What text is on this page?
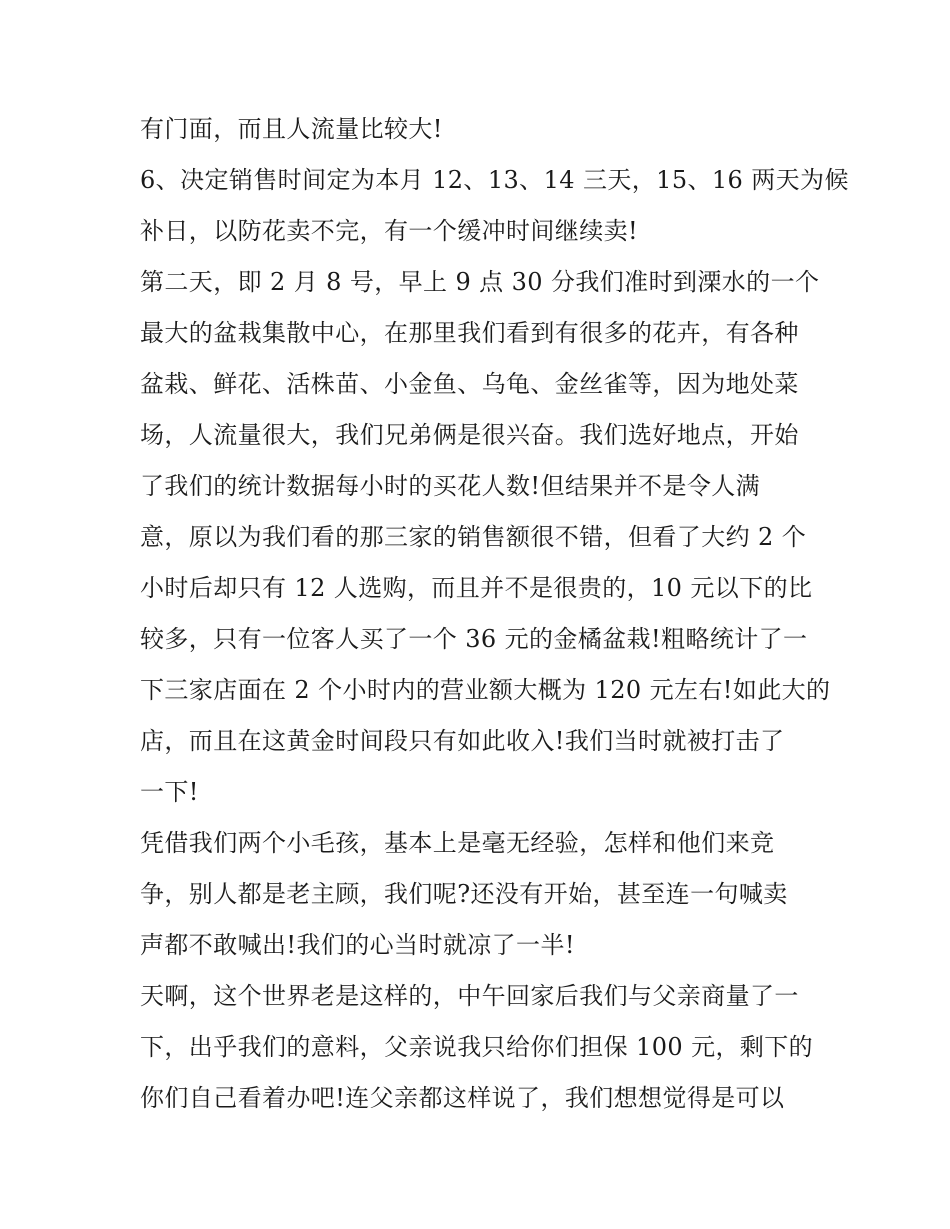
有门面，而且人流量比较大!
6、决定销售时间定为本月 12、13、14 三天，15、16 两天为候
补日，以防花卖不完，有一个缓冲时间继续卖!
第二天，即 2 月 8 号，早上 9 点 30 分我们准时到溧水的一个
最大的盆栽集散中心，在那里我们看到有很多的花卉，有各种
盆栽、鲜花、活株苗、小金鱼、乌龟、金丝雀等，因为地处菜
场，人流量很大，我们兄弟俩是很兴奋。我们选好地点，开始
了我们的统计数据每小时的买花人数!但结果并不是令人满
意，原以为我们看的那三家的销售额很不错，但看了大约 2 个
小时后却只有 12 人选购，而且并不是很贵的，10 元以下的比
较多，只有一位客人买了一个 36 元的金橘盆栽!粗略统计了一
下三家店面在 2 个小时内的营业额大概为 120 元左右!如此大的
店，而且在这黄金时间段只有如此收入!我们当时就被打击了
一下!
凭借我们两个小毛孩，基本上是毫无经验，怎样和他们来竞
争，别人都是老主顾，我们呢?还没有开始，甚至连一句喊卖
声都不敢喊出!我们的心当时就凉了一半!
天啊，这个世界老是这样的，中午回家后我们与父亲商量了一
下，出乎我们的意料，父亲说我只给你们担保 100 元，剩下的
你们自己看着办吧!连父亲都这样说了，我们想想觉得是可以
